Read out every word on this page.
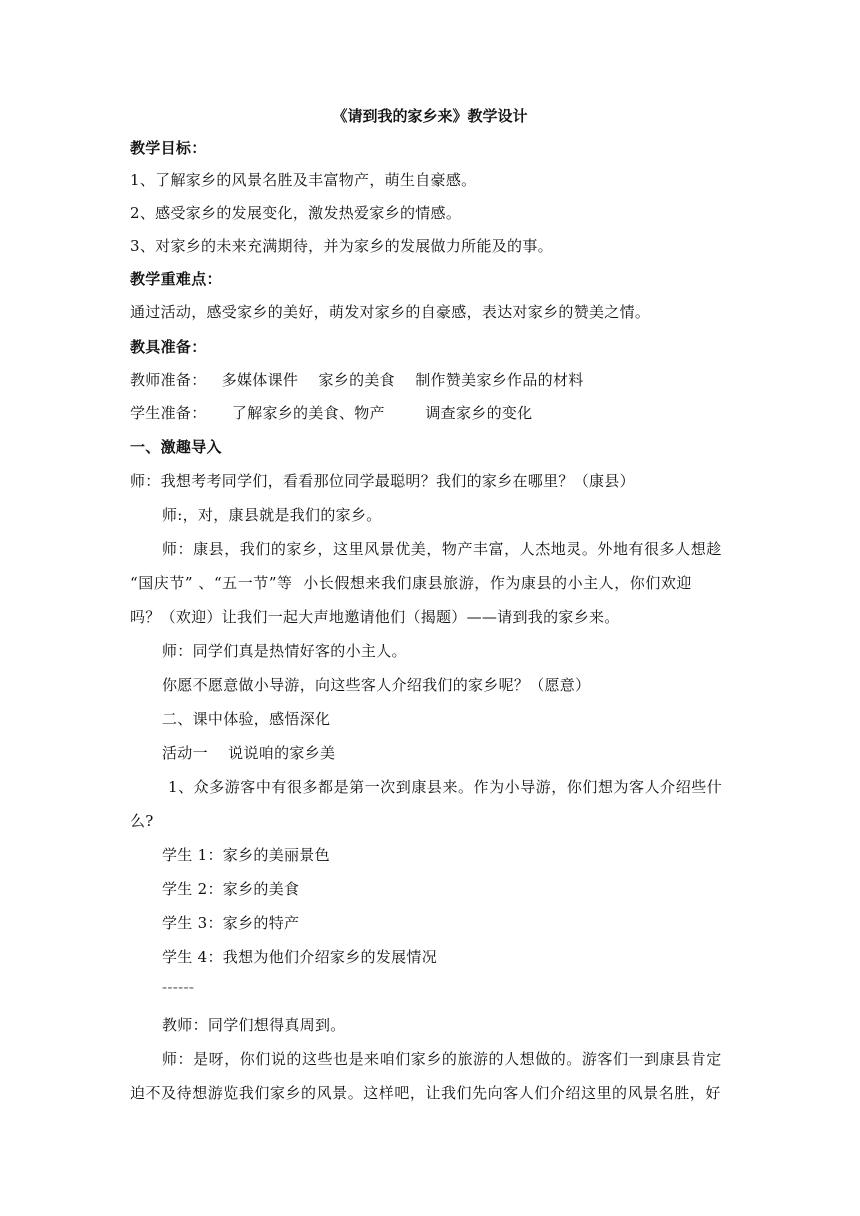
《请到我的家乡来》教学设计
教学目标：
1、了解家乡的风景名胜及丰富物产，萌生自豪感。
2、感受家乡的发展变化，激发热爱家乡的情感。
3、对家乡的未来充满期待，并为家乡的发展做力所能及的事。
教学重难点：
通过活动，感受家乡的美好，萌发对家乡的自豪感，表达对家乡的赞美之情。
教具准备：
教师准备：   多媒体课件    家乡的美食    制作赞美家乡作品的材料
学生准备：     了解家乡的美食、物产        调查家乡的变化
一、激趣导入
师：我想考考同学们，看看那位同学最聪明？我们的家乡在哪里？（康县）
师:，对，康县就是我们的家乡。
师：康县，我们的家乡，这里风景优美，物产丰富，人杰地灵。外地有很多人想趁
“国庆节” 、“五一节”等  小长假想来我们康县旅游，作为康县的小主人，你们欢迎
吗？（欢迎）让我们一起大声地邀请他们（揭题）——请到我的家乡来。
师：同学们真是热情好客的小主人。
你愿不愿意做小导游，向这些客人介绍我们的家乡呢？（愿意）
二、课中体验，感悟深化
活动一    说说咱的家乡美
1、众多游客中有很多都是第一次到康县来。作为小导游，你们想为客人介绍些什
么?
学生 1：家乡的美丽景色
学生 2：家乡的美食
学生 3：家乡的特产
学生 4：我想为他们介绍家乡的发展情况
------
教师：同学们想得真周到。
师：是呀，你们说的这些也是来咱们家乡的旅游的人想做的。游客们一到康县肯定
迫不及待想游览我们家乡的风景。这样吧，让我们先向客人们介绍这里的风景名胜，好
